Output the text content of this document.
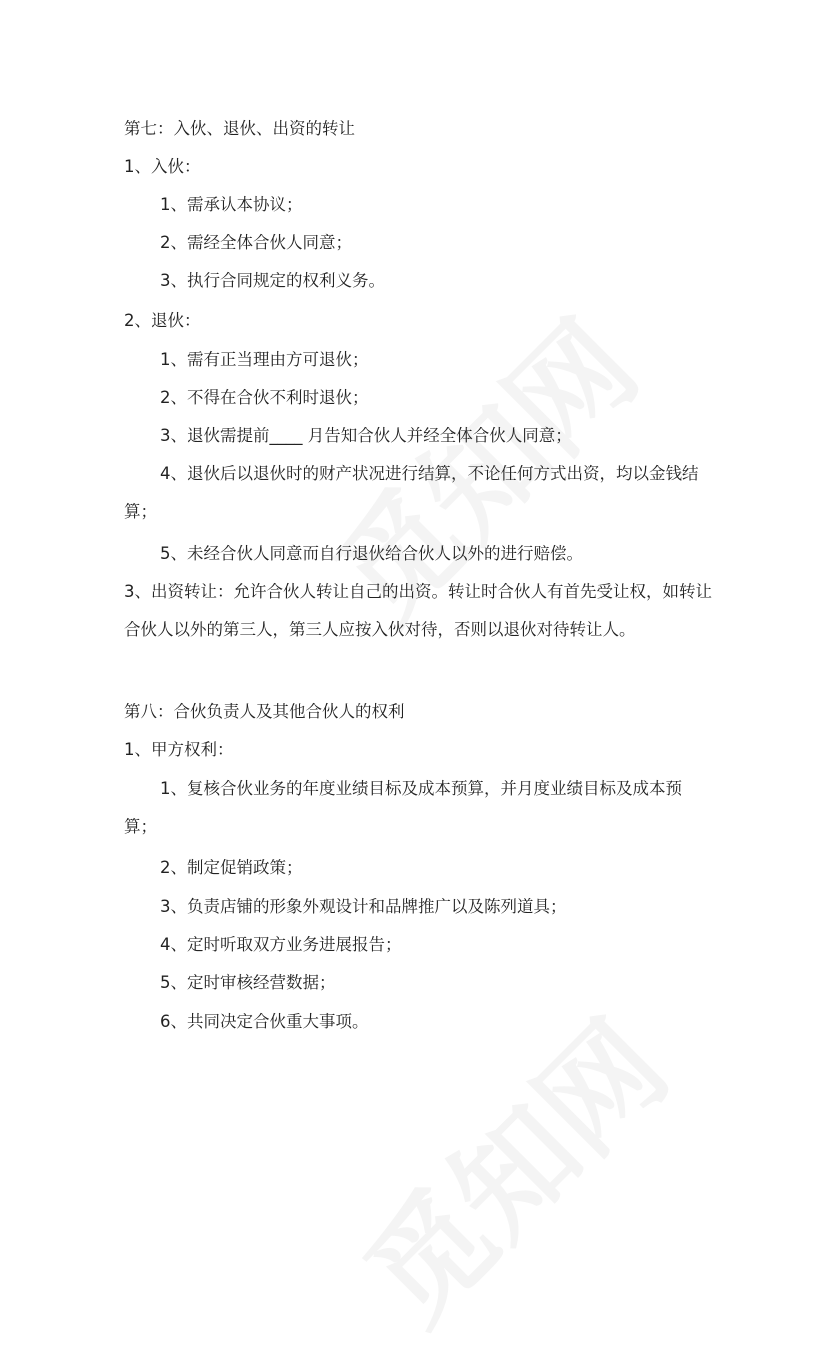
第七：入伙、退伙、出资的转让
1、入伙：
1、需承认本协议；
2、需经全体合伙人同意；
3、执行合同规定的权利义务。
2、退伙：
1、需有正当理由方可退伙；
2、不得在合伙不利时退伙；
3、退伙需提前____ 月告知合伙人并经全体合伙人同意；
4、退伙后以退伙时的财产状况进行结算，不论任何方式出资，均以金钱结算；
5、未经合伙人同意而自行退伙给合伙人以外的进行赔偿。
3、出资转让：允许合伙人转让自己的出资。转让时合伙人有首先受让权，如转让合伙人以外的第三人，第三人应按入伙对待，否则以退伙对待转让人。
第八：合伙负责人及其他合伙人的权利
1、甲方权利：
1、复核合伙业务的年度业绩目标及成本预算，并月度业绩目标及成本预算；
2、制定促销政策；
3、负责店铺的形象外观设计和品牌推广以及陈列道具；
4、定时听取双方业务进展报告；
5、定时审核经营数据；
6、共同决定合伙重大事项。
